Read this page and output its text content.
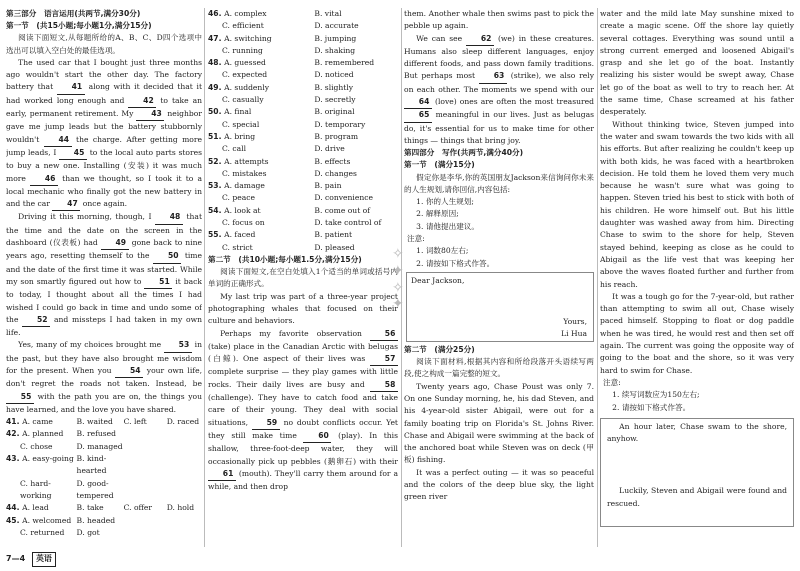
第三部分　语言运用(共两节,满分30分)
第一节　(共15小题;每小题1分,满分15分)

阅读下面短文,从每题所给的A、B、C、D四个选项中选出可以填入空白处的最佳选项。

The used car that I bought just three months ago wouldn't start the other day. The factory battery that 41 along with it decided that it had worked long enough and 42 to take an early, permanent retirement. My 43 neighbor gave me jump leads but the battery stubbornly wouldn't 44 the charge. After getting more jump leads, I 45 to the local auto parts stores to buy a new one. Installing (安装) it was much more 46 than we thought, so I took it to a local mechanic who finally got the new battery in and the car 47 once again.

Driving it this morning, though, I 48 that the time and the date on the screen in the dashboard (仪表板) had 49 gone back to nine years ago, resetting themself to the 50 time and the date of the first time it was started. While my son smartly figured out how to 51 it back to today, I thought about all the times I had wished I could go back in time and undo some of the 52 and missteps I had taken in my own life.

Yes, many of my choices brought me 53 in the past, but they have also brought me wisdom for the present. When you 54 your own life, don't regret the roads not taken. Instead, be 55 with the path you are on, the things you have learned, and the love you have shared.

41. A. came	B. waited	C. left	D. raced
42. A. planned	B. refused
C. chose	D. managed
43. A. easy-going B. kind-hearted
C. hard-working
D. good-tempered
44. A. lead	B. take	C. offer	D. hold
45. A. welcomed B. headed
C. returned	D. got
46. A. complex	B. vital
C. efficient	D. accurate
47. A. switching	B. jumping
C. running	D. shaking
48. A. guessed	B. remembered
C. expected	D. noticed
49. A. suddenly	B. slightly
C. casually	D. secretly
50. A. final	B. original
C. special	D. temporary
51. A. bring	B. program
C. call	D. drive
52. A. attempts	B. effects
C. mistakes	D. changes
53. A. damage	B. pain
C. peace	D. convenience
54. A. look at	B. come out of
C. focus on	D. take control of
55. A. faced	B. patient
C. strict	D. pleased
第二节　(共10小题;每小题1.5分,满分15分)

阅读下面短文,在空白处填入1个适当的单词或括号内单词的正确形式。

My last trip was part of a three-year project photographing whales that focused on their culture and behaviors.

Perhaps my favorite observation 56 (take) place in the Canadian Arctic with belugas (白鲸). One aspect of their lives was 57 complete surprise — they play games with little rocks. Their daily lives are busy and 58 (challenge). They have to catch food and take care of their young. They deal with social situations, 59 no doubt conflicts occur. Yet they still make time 60 (play). In this shallow, three-foot-deep water, they will occasionally pick up pebbles (鹅卵石) with their 61 (mouth). They'll carry them around for a while, and then drop

them. Another whale then swims past to pick the pebble up again.

We can see 62 (we) in these creatures. Humans also sleep different languages, enjoy different foods, and pass down family traditions. But perhaps most 63 (strike), we also rely on each other. The moments we spend with our 64 (love) ones are often the most treasured 65 meaningful in our lives. Just as belugas do, it's essential for us to make time for other things — things that bring joy.

第四部分　写作(共两节,满分40分)
第一节　(满分15分)

假定你是李华,你的英国朋友Jackson来信询问你未来的人生规划,请你回信,内容包括:

1. 你的人生规划;
2. 解释原因;
3. 请他提出建议。
注意:
1. 词数80左右;
2. 请按如下格式作答。
Dear Jackson,
Yours,
Li Hua
第二节　(满分25分)

阅读下面材料,根据其内容和所给段落开头语续写两段,使之构成一篇完整的短文。

Twenty years ago, Chase Poust was only 7. On one Sunday morning, he, his dad Steven, and his 4-year-old sister Abigail, were out for a family boating trip on Florida's St. Johns River. Chase and Abigail were swimming at the back of the anchored boat while Steven was on deck (甲板) fishing.

It was a perfect outing — it was so peaceful and the colors of the deep blue sky, the light green river

water and the mild late May sunshine mixed to create a magic scene. Off the shore lay quietly several cottages. Everything was sound until a strong current emerged and loosened Abigail's grasp and she let go of the boat. Instantly realizing his sister would be swept away, Chase let go of the boat as well to try to reach her. At the same time, Chase screamed at his father desperately.

Without thinking twice, Steven jumped into the water and swam towards the two kids with all his efforts. But after realizing he couldn't keep up with both kids, he was faced with a heartbroken decision. He told them he loved them very much because he wasn't sure what was going to happen. Steven tried his best to stick with both of his children. He wore himself out. But his little daughter was washed away from him. Directing Chase to swim to the shore for help, Steven stayed behind, keeping as close as he could to Abigail as the life vest that was keeping her above the waves floated further and further from his reach.

It was a tough go for the 7-year-old, but rather than attempting to swim all out, Chase wisely paced himself. Stopping to float or dog paddle when he was tired, he would rest and then set off again. The current was going the opposite way of going to the boat and the shore, so it was very hard to swim for Chase.

注意:
1. 续写词数应为150左右;
2. 请按如下格式作答。

An hour later, Chase swam to the shore, anyhow.

Luckily, Steven and Abigail were found and rescued.

✧
✦
✧
✦
7—4 英语
